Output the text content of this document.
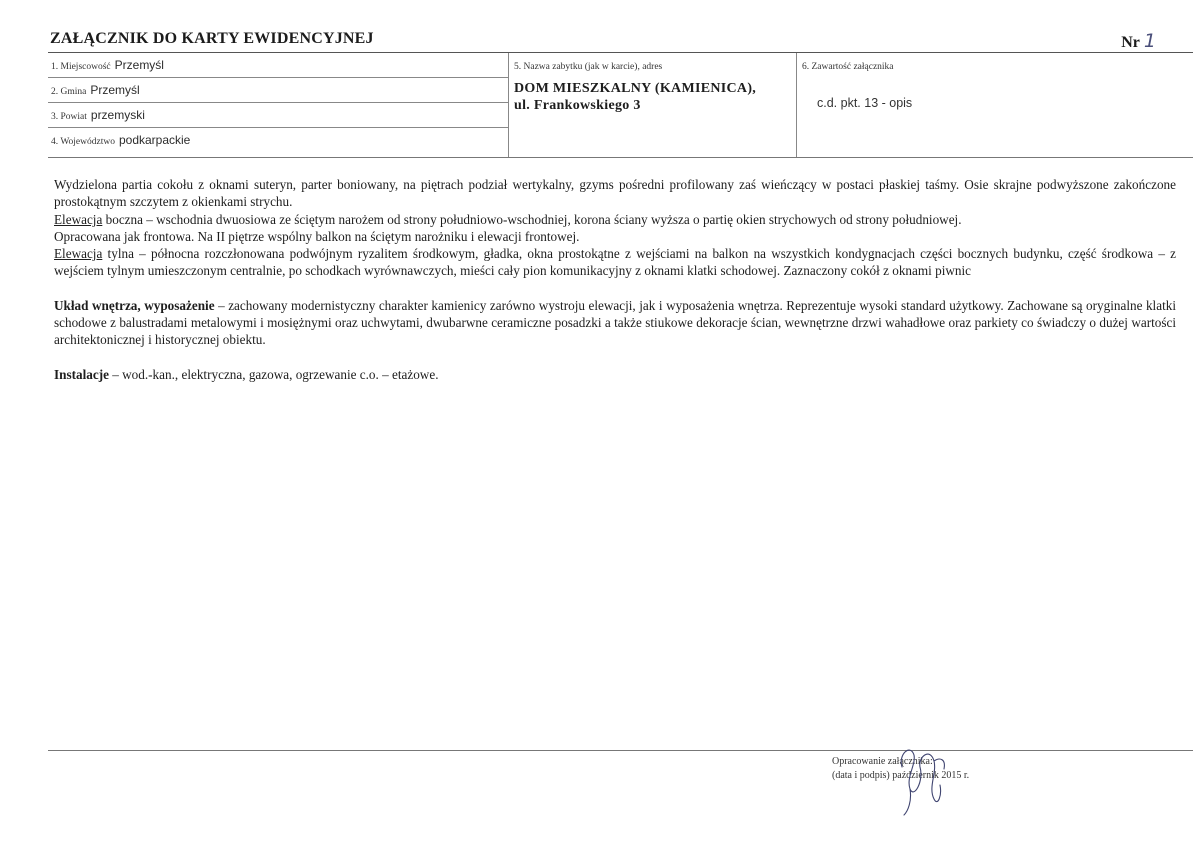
ZAŁĄCZNIK DO KARTY EWIDENCYJNEJ	Nr 1
1. Miejscowość Przemyśl
2. Gmina Przemyśl
3. Powiat przemyski
4. Województwo podkarpackie
5. Nazwa zabytku (jak w karcie), adres
DOM MIESZKALNY (KAMIENICA),
ul. Frankowskiego 3
6. Zawartość załącznika
c.d. pkt. 13 - opis

Wydzielona partia cokołu z oknami suteryn, parter boniowany, na piętrach podział wertykalny, gzyms pośredni profilowany zaś wieńczący w postaci płaskiej taśmy. Osie skrajne podwyższone zakończone prostokątnym szczytem z okienkami strychu.

Elewacja boczna – wschodnia dwuosiowa ze ściętym narożem od strony południowo-wschodniej, korona ściany wyższa o partię okien strychowych od strony południowej.

Opracowana jak frontowa. Na II piętrze wspólny balkon na ściętym narożniku i elewacji frontowej.

Elewacja tylna – północna rozczłonowana podwójnym ryzalitem środkowym, gładka, okna prostokątne z wejściami na balkon na wszystkich kondygnacjach części bocznych budynku, część środkowa – z wejściem tylnym umieszczonym centralnie, po schodkach wyrównawczych, mieści cały pion komunikacyjny z oknami klatki schodowej. Zaznaczony cokół z oknami piwnic

Układ wnętrza, wyposażenie – zachowany modernistyczny charakter kamienicy zarówno wystroju elewacji, jak i wyposażenia wnętrza. Reprezentuje wysoki standard użytkowy. Zachowane są oryginalne klatki schodowe z balustradami metalowymi i mosiężnymi oraz uchwytami, dwubarwne ceramiczne posadzki a także stiukowe dekoracje ścian, wewnętrzne drzwi wahadłowe oraz parkiety co świadczy o dużej wartości architektonicznej i historycznej obiektu.

Instalacje – wod.-kan., elektryczna, gazowa, ogrzewanie c.o. – etażowe.

Opracowanie załącznika:
(data i podpis) październik 2015 r.
